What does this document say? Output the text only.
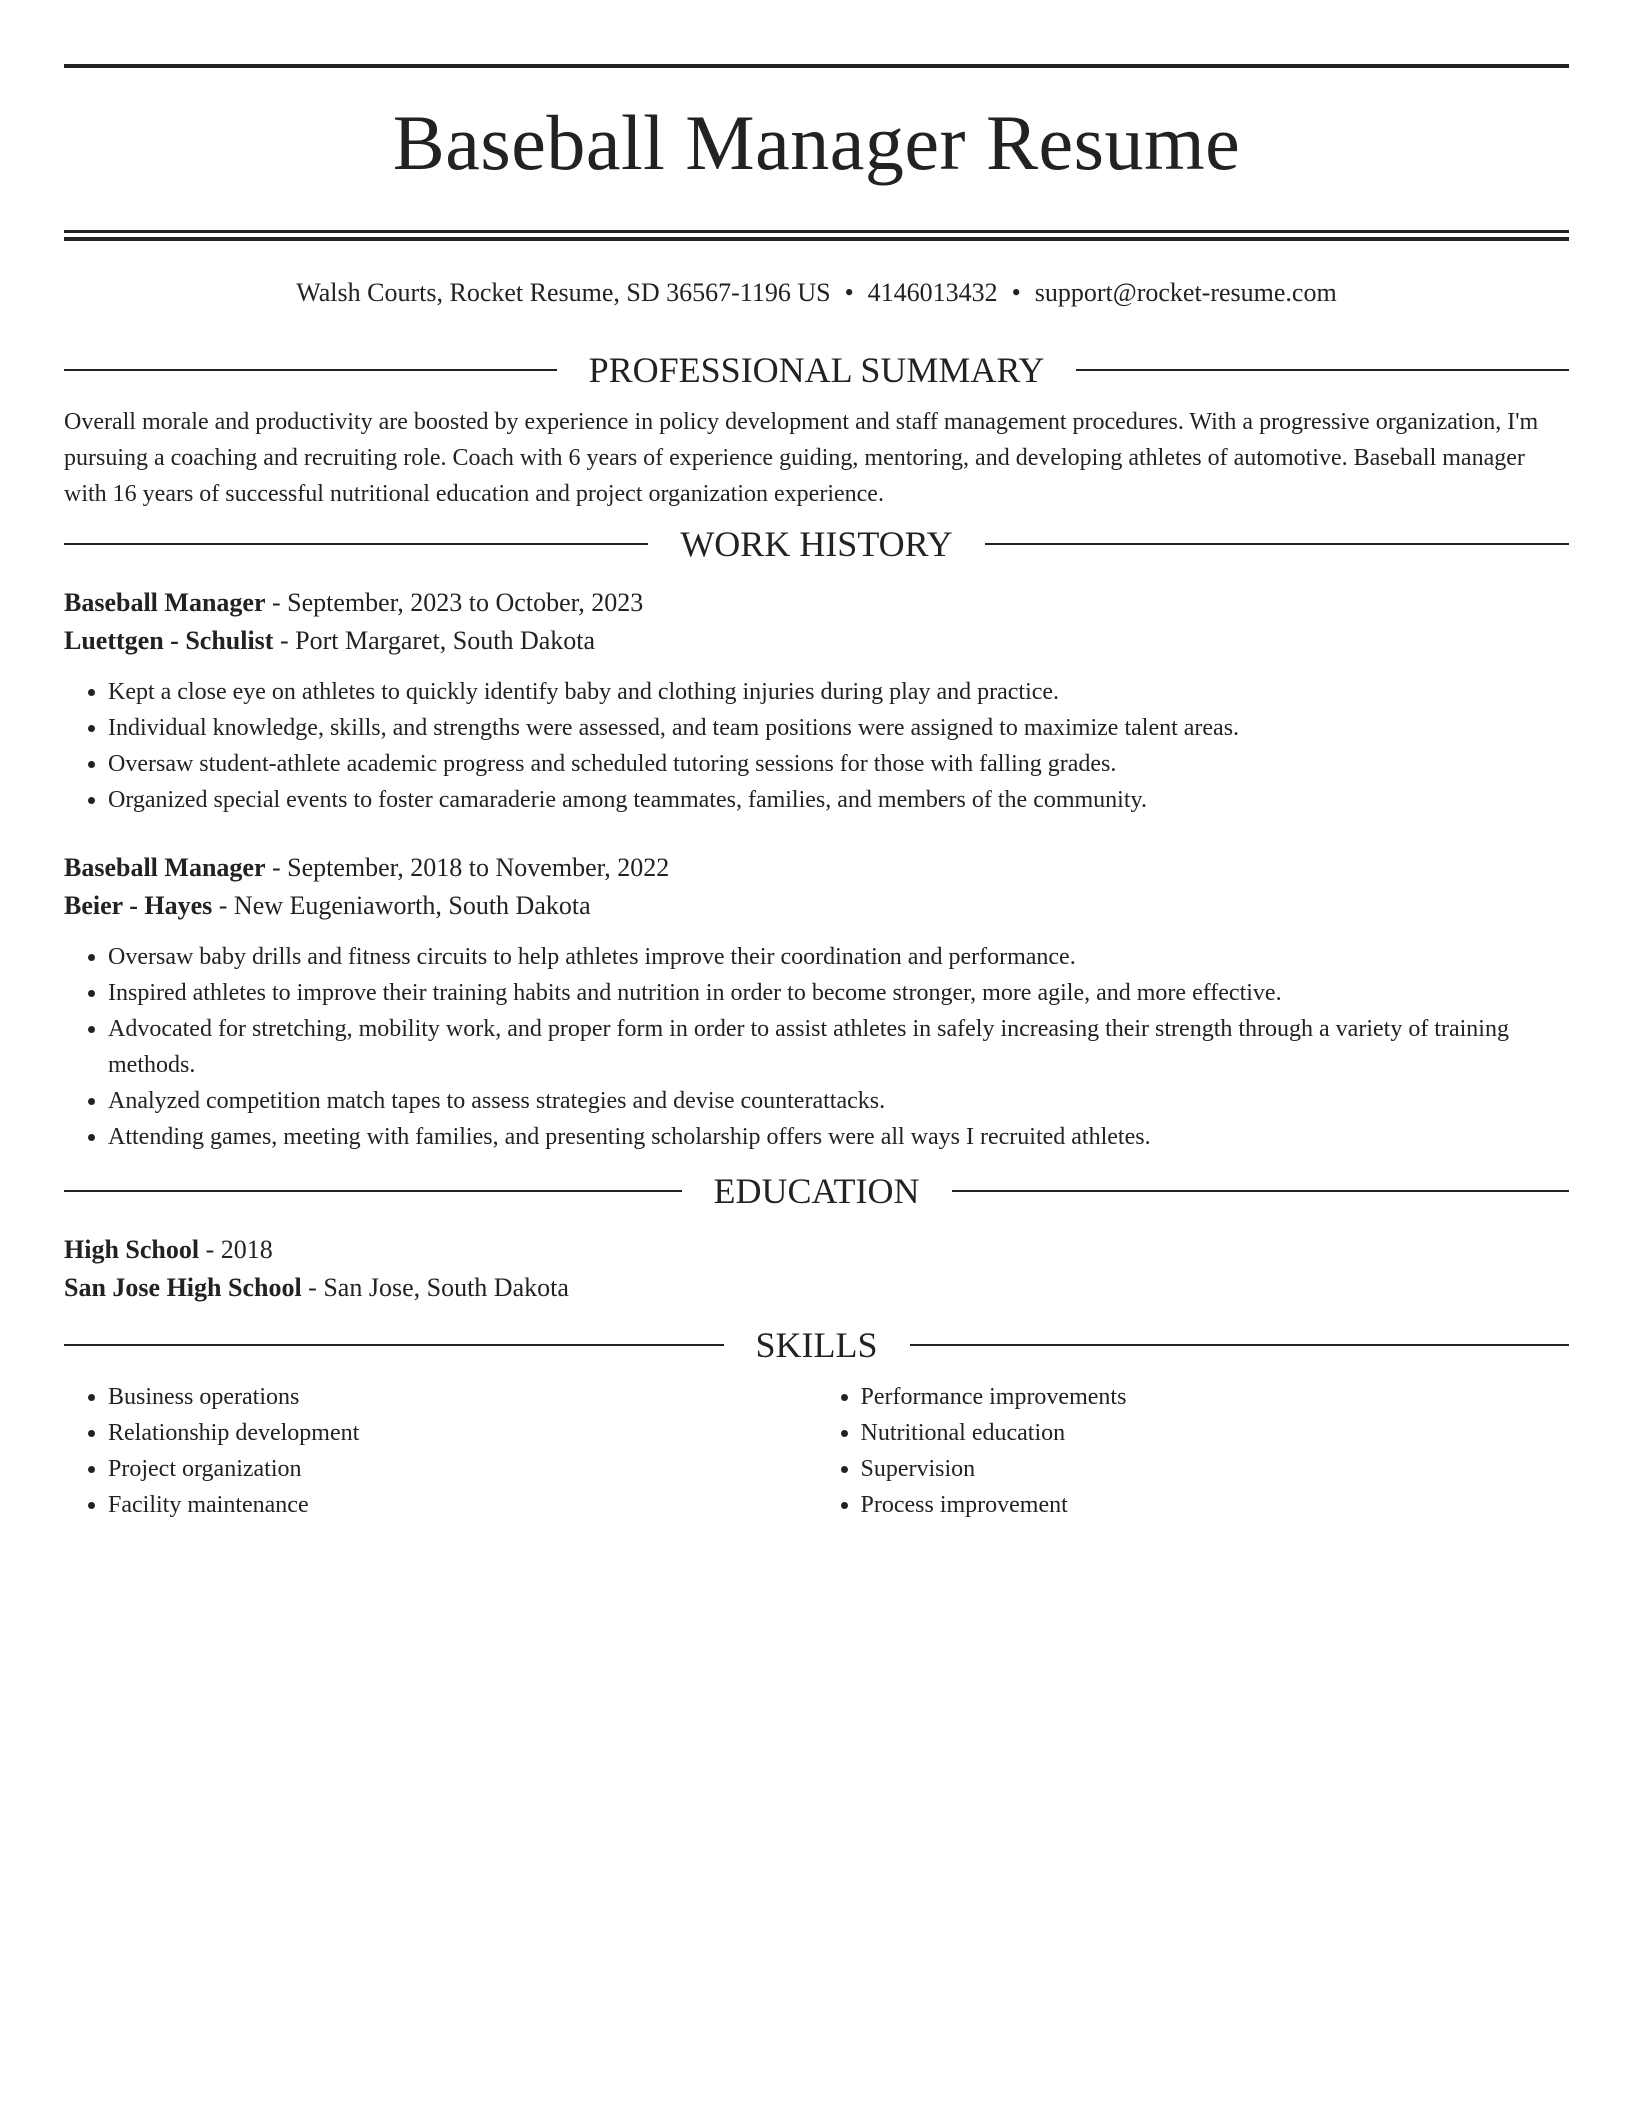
Baseball Manager Resume
Walsh Courts, Rocket Resume, SD 36567-1196 US • 4146013432 • support@rocket-resume.com
PROFESSIONAL SUMMARY

Overall morale and productivity are boosted by experience in policy development and staff management procedures. With a progressive organization, I'm pursuing a coaching and recruiting role. Coach with 6 years of experience guiding, mentoring, and developing athletes of automotive. Baseball manager with 16 years of successful nutritional education and project organization experience.

WORK HISTORY
Baseball Manager - September, 2023 to October, 2023
Luettgen - Schulist - Port Margaret, South Dakota
• Kept a close eye on athletes to quickly identify baby and clothing injuries during play and practice.
• Individual knowledge, skills, and strengths were assessed, and team positions were assigned to maximize talent areas.
• Oversaw student-athlete academic progress and scheduled tutoring sessions for those with falling grades.
• Organized special events to foster camaraderie among teammates, families, and members of the community.
Baseball Manager - September, 2018 to November, 2022
Beier - Hayes - New Eugeniaworth, South Dakota
• Oversaw baby drills and fitness circuits to help athletes improve their coordination and performance.
• Inspired athletes to improve their training habits and nutrition in order to become stronger, more agile, and more effective.
• Advocated for stretching, mobility work, and proper form in order to assist athletes in safely increasing their strength through a variety of training methods.
• Analyzed competition match tapes to assess strategies and devise counterattacks.
• Attending games, meeting with families, and presenting scholarship offers were all ways I recruited athletes.
EDUCATION
High School - 2018
San Jose High School - San Jose, South Dakota
SKILLS
• Business operations
• Relationship development
• Project organization
• Facility maintenance
• Performance improvements
• Nutritional education
• Supervision
• Process improvement
